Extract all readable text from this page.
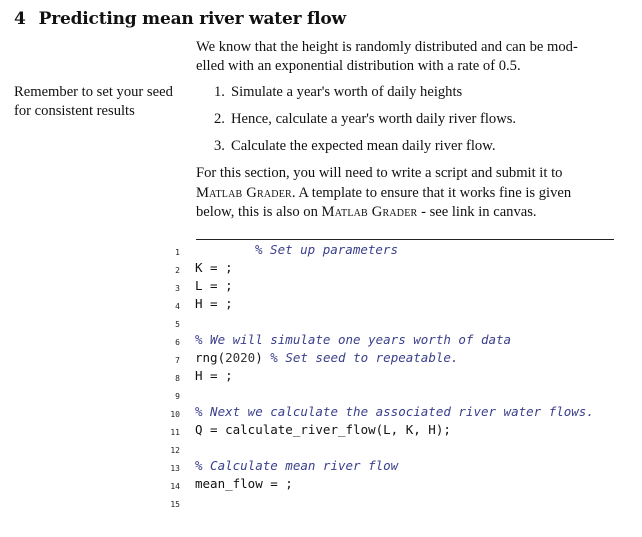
4 Predicting mean river water flow
We know that the height is randomly distributed and can be mod-
elled with an exponential distribution with a rate of 0.5.
Remember to set your seed
for consistent results
1. Simulate a year's worth of daily heights
2. Hence, calculate a year's worth daily river flows.
3. Calculate the expected mean daily river flow.
For this section, you will need to write a script and submit it to
Matlab Grader. A template to ensure that it works fine is given
below, this is also on Matlab Grader - see link in canvas.
1
2
3
4
5
6
7
8
9
10
11
12
13
14
15
% Set up parameters
K = ;
L = ;
H = ;
% We will simulate one years worth of data
rng(2020) % Set seed to repeatable.
H = ;
% Next we calculate the associated river water flows.
Q = calculate_river_flow(L, K, H);
% Calculate mean river flow
mean_flow = ;
